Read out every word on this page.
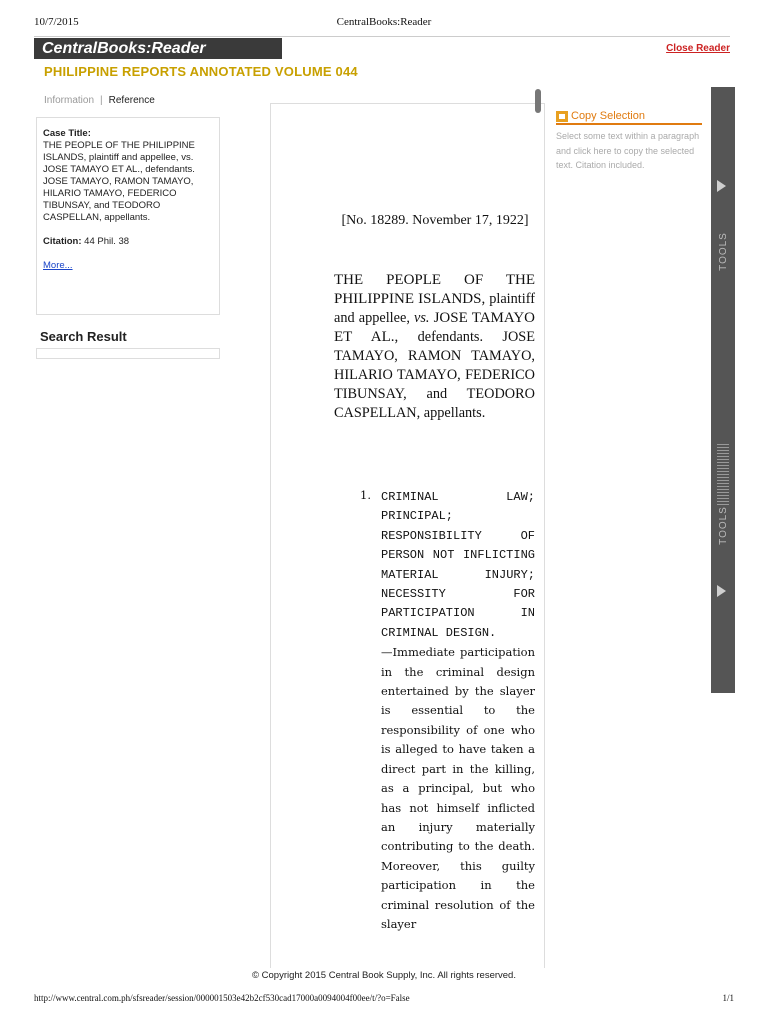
10/7/2015	CentralBooks:Reader
CentralBooks:Reader	Close Reader
PHILIPPINE REPORTS ANNOTATED VOLUME 044
Information | Reference
Case Title:
THE PEOPLE OF THE PHILIPPINE ISLANDS, plaintiff and appellee, vs. JOSE TAMAYO ET AL., defendants. JOSE TAMAYO, RAMON TAMAYO, HILARIO TAMAYO, FEDERICO TIBUNSAY, and TEODORO CASPELLAN, appellants.
Citation: 44 Phil. 38
More...
Search Result
[No. 18289. November 17, 1922]
THE PEOPLE OF THE PHILIPPINE ISLANDS, plaintiff and appellee, vs. JOSE TAMAYO ET AL., defendants. JOSE TAMAYO, RAMON TAMAYO, HILARIO TAMAYO, FEDERICO TIBUNSAY, and TEODORO CASPELLAN, appellants.
1. CRIMINAL LAW; PRINCIPAL; RESPONSIBILITY OF PERSON NOT INFLICTING MATERIAL INJURY; NECESSITY FOR PARTICIPATION IN CRIMINAL DESIGN.
—Immediate participation in the criminal design entertained by the slayer is essential to the responsibility of one who is alleged to have taken a direct part in the killing, as a principal, but who has not himself inflicted an injury materially contributing to the death. Moreover, this guilty participation in the criminal resolution of the slayer
Copy Selection
Select some text within a paragraph and click here to copy the selected text. Citation included.
TOOLS
TOOLS
© Copyright 2015 Central Book Supply, Inc. All rights reserved.
http://www.central.com.ph/sfsreader/session/000001503e42b2cf530cad17000a0094004f00ee/t/?o=False	1/1
